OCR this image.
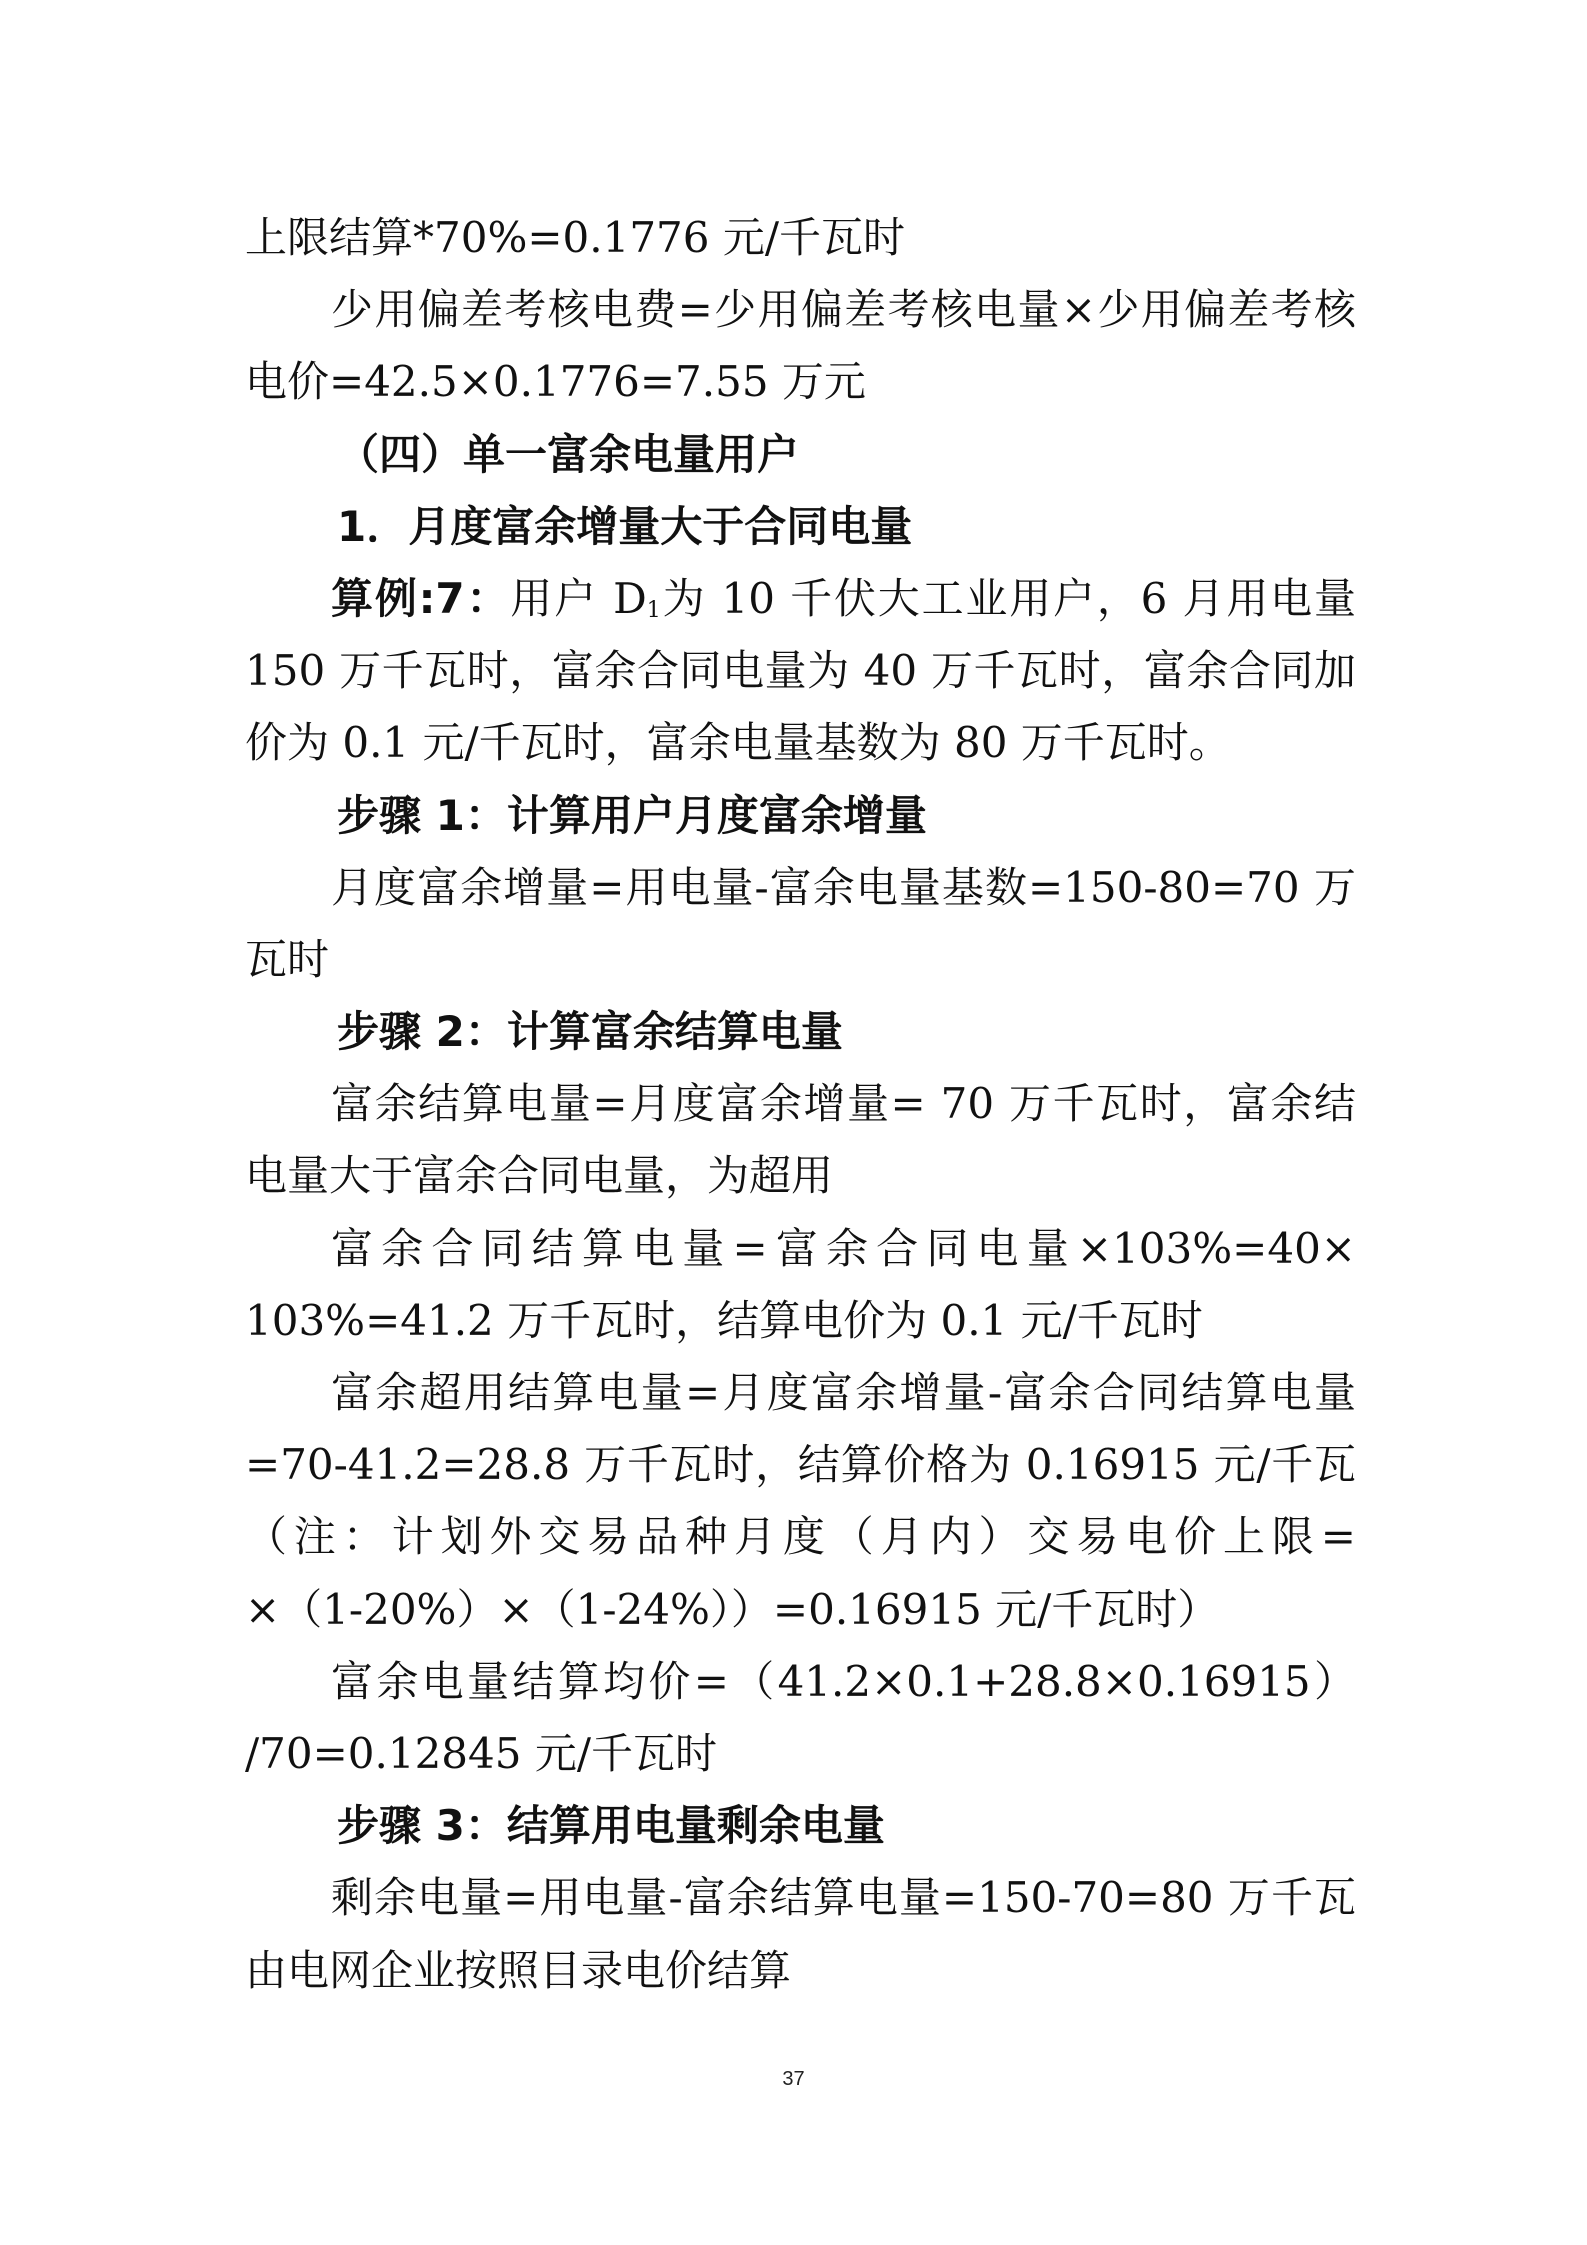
上限结算*70%=0.1776 元/千瓦时
少用偏差考核电费=少用偏差考核电量×少用偏差考核
电价=42.5×0.1776=7.55 万元
（四）单一富余电量用户
1．月度富余增量大于合同电量
算例:7：用户 $D_1$为 10 千伏大工业用户，6 月用电量
150 万千瓦时，富余合同电量为 40 万千瓦时，富余合同加
价为 0.1 元/千瓦时，富余电量基数为 80 万千瓦时。
步骤 1：计算用户月度富余增量
月度富余增量=用电量-富余电量基数=150-80=70 万
瓦时
步骤 2：计算富余结算电量
富余结算电量=月度富余增量= 70 万千瓦时，富余结
电量大于富余合同电量，为超用
富余合同结算电量=富余合同电量×103%=40×
103%=41.2 万千瓦时，结算电价为 0.1 元/千瓦时
富余超用结算电量=月度富余增量-富余合同结算电量
=70-41.2=28.8 万千瓦时，结算价格为 0.16915 元/千瓦
（注：计划外交易品种月度（月内）交易电价上限=
×（1-20%）×（1-24%））=0.16915 元/千瓦时）
富余电量结算均价=（41.2×0.1+28.8×0.16915）
/70=0.12845 元/千瓦时
步骤 3：结算用电量剩余电量
剩余电量=用电量-富余结算电量=150-70=80 万千瓦
由电网企业按照目录电价结算
37
